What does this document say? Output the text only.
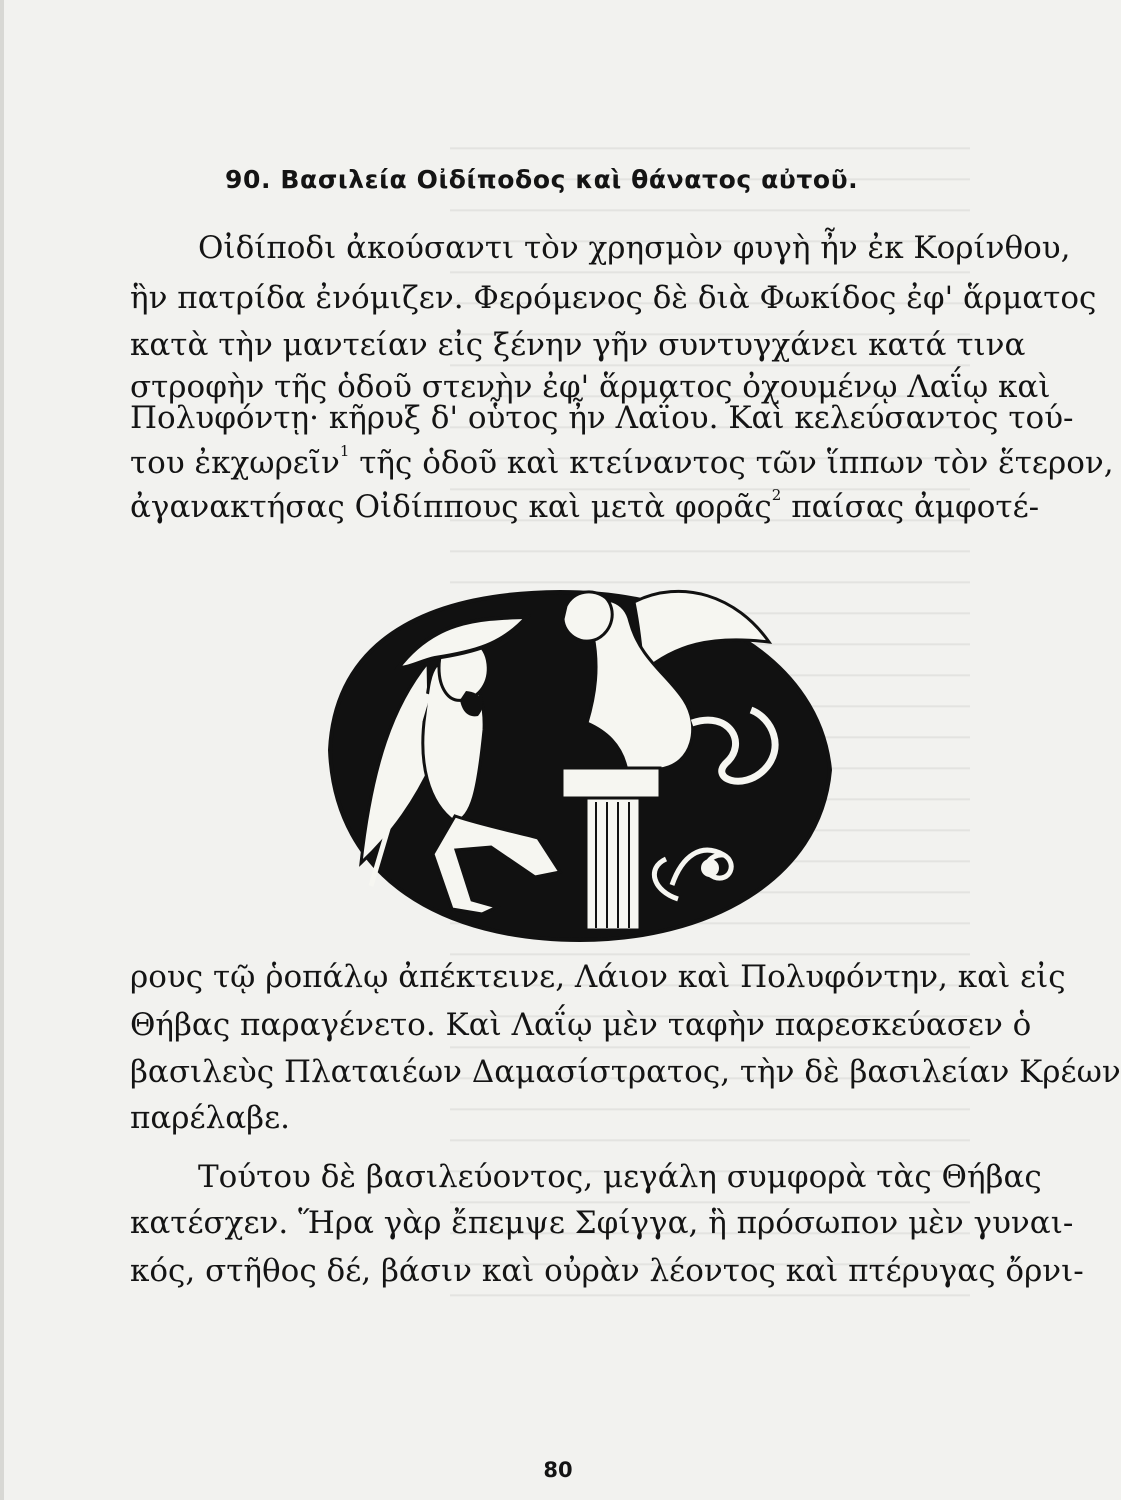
90. Βασιλεία Οἰδίποδος καὶ θάνατος αὐτοῦ.
Οἰδίποδι ἀκούσαντι τὸν χρησμὸν φυγὴ ἦν ἐκ Κορίνθου,
ἣν πατρίδα ἐνόμιζεν. Φερόμενος δὲ διὰ Φωκίδος ἐφ' ἅρματος
κατὰ τὴν μαντείαν εἰς ξένην γῆν συντυγχάνει κατά τινα
στροφὴν τῆς ὁδοῦ στενὴν ἐφ' ἅρματος ὀχουμένῳ Λαΐῳ καὶ
Πολυφόντῃ· κῆρυξ δ' οὗτος ἦν Λαΐου. Καὶ κελεύσαντος τού-
του ἐκχωρεῖν$^1$ τῆς ὁδοῦ καὶ κτείναντος τῶν ἵππων τὸν ἕτερον,
ἀγανακτήσας Οἰδίππους καὶ μετὰ φορᾶς$^2$ παίσας ἀμφοτέ-
ρους τῷ ῥοπάλῳ ἀπέκτεινε, Λάιον καὶ Πολυφόντην, καὶ εἰς
Θήβας παραγένετο. Καὶ Λαΐῳ μὲν ταφὴν παρεσκεύασεν ὁ
βασιλεὺς Πλαταιέων Δαμασίστρατος, τὴν δὲ βασιλείαν Κρέων
παρέλαβε.
Τούτου δὲ βασιλεύοντος, μεγάλη συμφορὰ τὰς Θήβας
κατέσχεν. Ἥρα γὰρ ἔπεμψε Σφίγγα, ἣ πρόσωπον μὲν γυναι-
κός, στῆθος δέ, βάσιν καὶ οὐρὰν λέοντος καὶ πτέρυγας ὄρνι-
80
